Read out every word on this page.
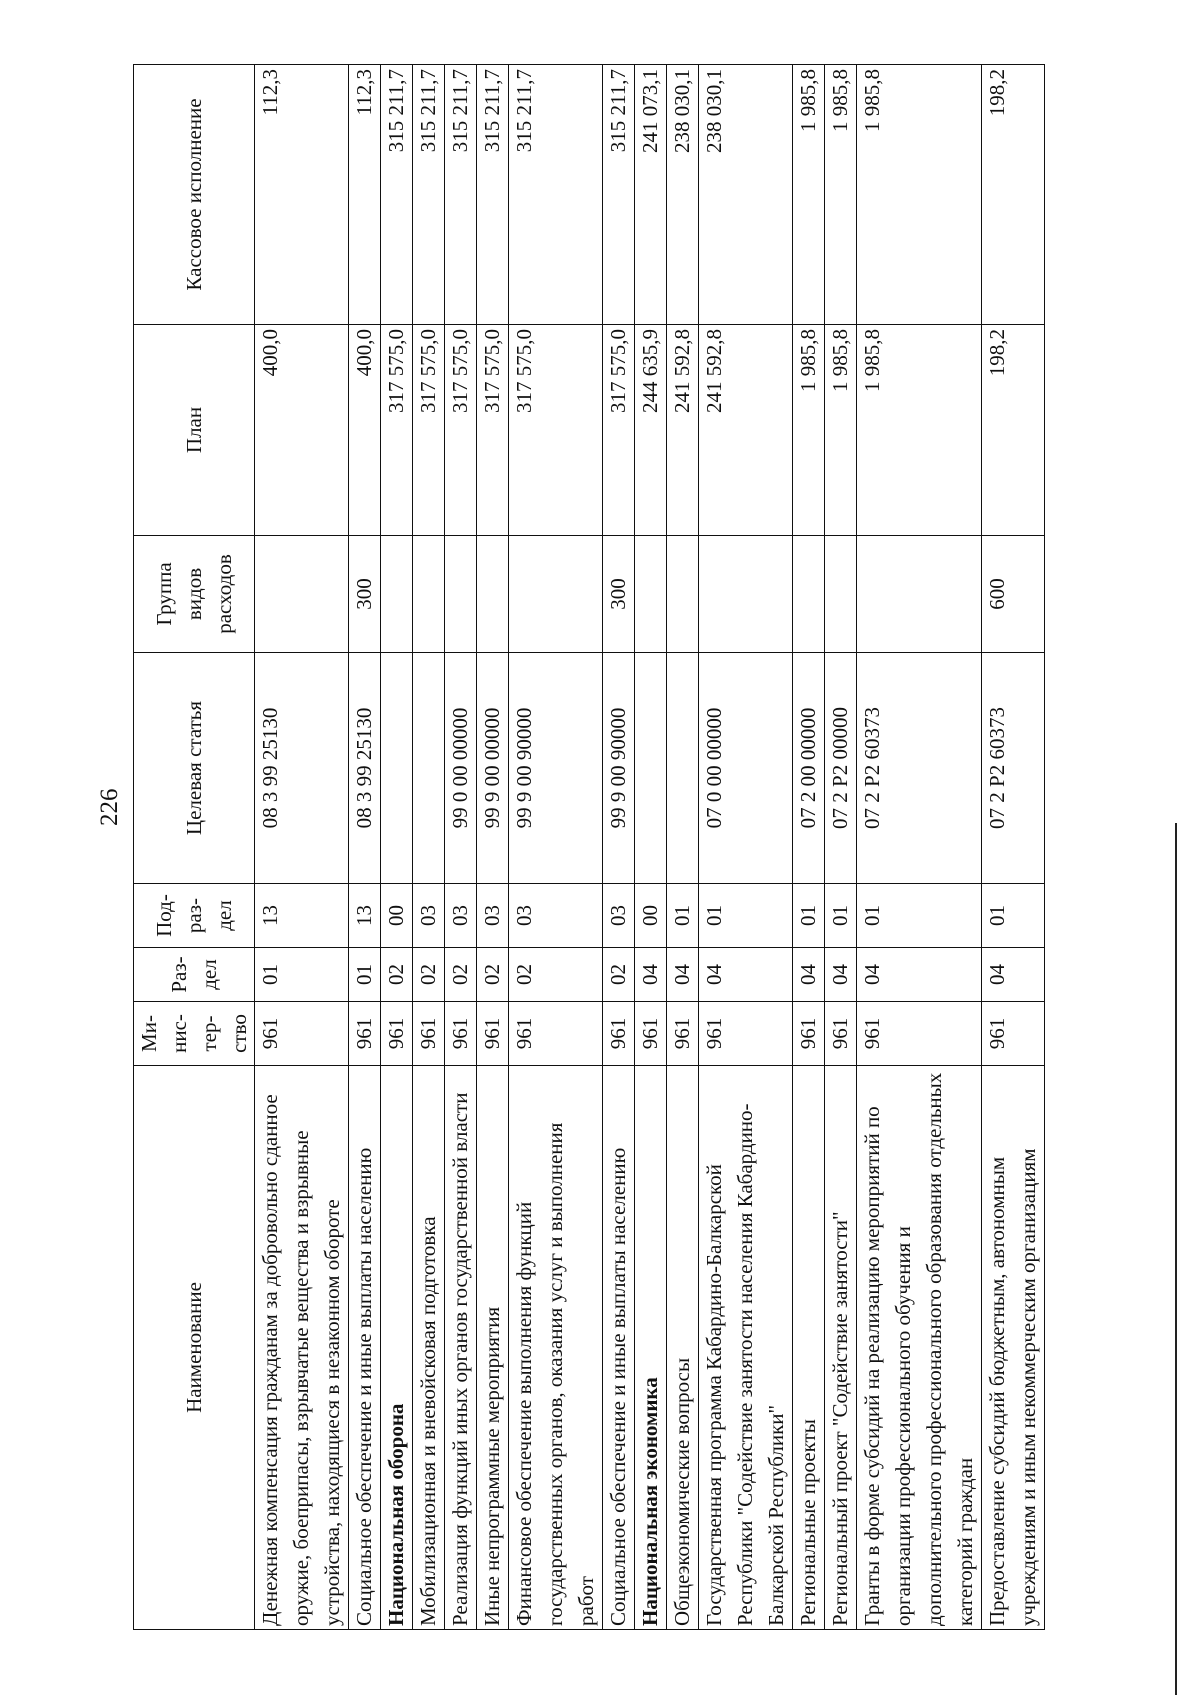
226
Наименование	Ми-нис-тер-ство	Раз-дел	Под-раз-дел	Целевая статья	Группа видов расходов	План	Кассовое исполнение
Денежная компенсация гражданам за добровольно сданное оружие, боеприпасы, взрывчатые вещества и взрывные устройства, находящиеся в незаконном обороте	961	01	13	08 3 99 25130		400,0	112,3
Социальное обеспечение и иные выплаты населению	961	01	13	08 3 99 25130	300	400,0	112,3
Национальная оборона	961	02	00			317 575,0	315 211,7
Мобилизационная и вневойсковая подготовка	961	02	03			317 575,0	315 211,7
Реализация функций иных органов государственной власти	961	02	03	99 0 00 00000		317 575,0	315 211,7
Иные непрограммные мероприятия	961	02	03	99 9 00 00000		317 575,0	315 211,7
Финансовое обеспечение выполнения функций государственных органов, оказания услуг и выполнения работ	961	02	03	99 9 00 90000		317 575,0	315 211,7
Социальное обеспечение и иные выплаты населению	961	02	03	99 9 00 90000	300	317 575,0	315 211,7
Национальная экономика	961	04	00			244 635,9	241 073,1
Общеэкономические вопросы	961	04	01			241 592,8	238 030,1
Государственная программа Кабардино-Балкарской Республики "Содействие занятости населения Кабардино-Балкарской Республики"	961	04	01	07 0 00 00000		241 592,8	238 030,1
Региональные проекты	961	04	01	07 2 00 00000		1 985,8	1 985,8
Региональный проект "Содействие занятости"	961	04	01	07 2 P2 00000		1 985,8	1 985,8
Гранты в форме субсидий на реализацию мероприятий по организации профессионального обучения и дополнительного профессионального образования отдельных категорий граждан	961	04	01	07 2 P2 60373		1 985,8	1 985,8
Предоставление субсидий бюджетным, автономным учреждениям и иным некоммерческим организациям	961	04	01	07 2 P2 60373	600	198,2	198,2
